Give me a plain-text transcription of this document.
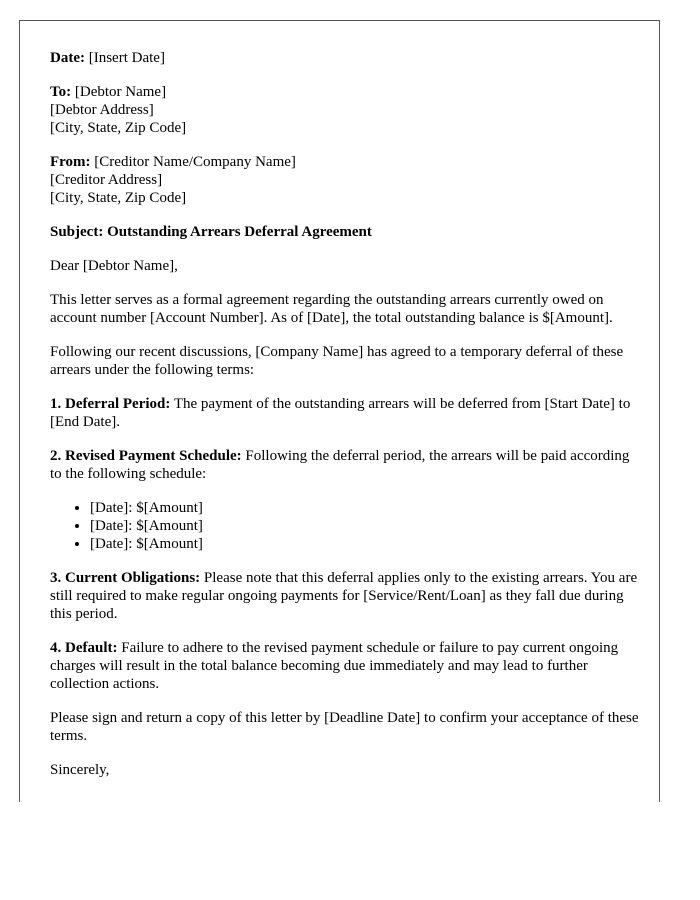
Date: [Insert Date]

To: [Debtor Name]
[Debtor Address]
[City, State, Zip Code]

From: [Creditor Name/Company Name]
[Creditor Address]
[City, State, Zip Code]

Subject: Outstanding Arrears Deferral Agreement

Dear [Debtor Name],

This letter serves as a formal agreement regarding the outstanding arrears currently owed on account number [Account Number]. As of [Date], the total outstanding balance is $[Amount].

Following our recent discussions, [Company Name] has agreed to a temporary deferral of these arrears under the following terms:

1. Deferral Period: The payment of the outstanding arrears will be deferred from [Start Date] to [End Date].

2. Revised Payment Schedule: Following the deferral period, the arrears will be paid according to the following schedule:

• [Date]: $[Amount]
• [Date]: $[Amount]
• [Date]: $[Amount]

3. Current Obligations: Please note that this deferral applies only to the existing arrears. You are still required to make regular ongoing payments for [Service/Rent/Loan] as they fall due during this period.

4. Default: Failure to adhere to the revised payment schedule or failure to pay current ongoing charges will result in the total balance becoming due immediately and may lead to further collection actions.

Please sign and return a copy of this letter by [Deadline Date] to confirm your acceptance of these terms.

Sincerely,
